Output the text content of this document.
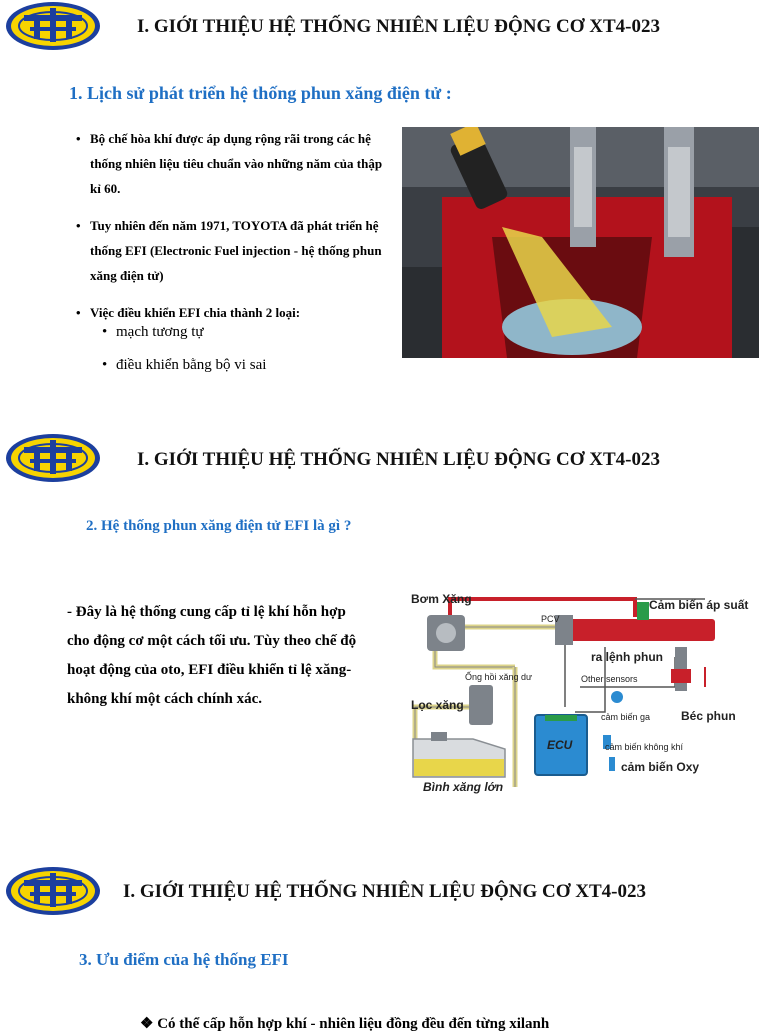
I. GIỚI THIỆU HỆ THỐNG NHIÊN LIỆU ĐỘNG CƠ XT4-023
1. Lịch sử phát triển hệ thống phun xăng điện tử :
• Bộ chế hòa khí được áp dụng rộng rãi trong các hệ thống nhiên liệu tiêu chuẩn vào những năm của thập kỉ 60.
• Tuy nhiên đến năm 1971, TOYOTA đã phát triển hệ thống EFI (Electronic Fuel injection - hệ thống phun xăng điện tử)
• Việc điều khiển EFI chia thành 2 loại:
• mạch tương tự
• điều khiển bằng bộ vi sai
I. GIỚI THIỆU HỆ THỐNG NHIÊN LIỆU ĐỘNG CƠ XT4-023
2. Hệ thống phun xăng điện tử EFI là gì ?
- Đây là hệ thống cung cấp tỉ lệ khí hỗn hợp cho động cơ một cách tối ưu. Tùy theo chế độ hoạt động của oto, EFI điều khiển tỉ lệ xăng- không khí một cách chính xác.
Bơm Xăng	Cảm biến áp suất
PCV
ra lệnh phun
Béc phun
Ống hồi xăng dư	Other sensors
Lọc xăng
cảm biến ga
ECU	cảm biến không khí
cảm biến Oxy
Bình xăng lớn
I. GIỚI THIỆU HỆ THỐNG NHIÊN LIỆU ĐỘNG CƠ XT4-023
3. Ưu điểm của hệ thống EFI
❖ Có thể cấp hỗn hợp khí - nhiên liệu đồng đều đến từng xilanh
